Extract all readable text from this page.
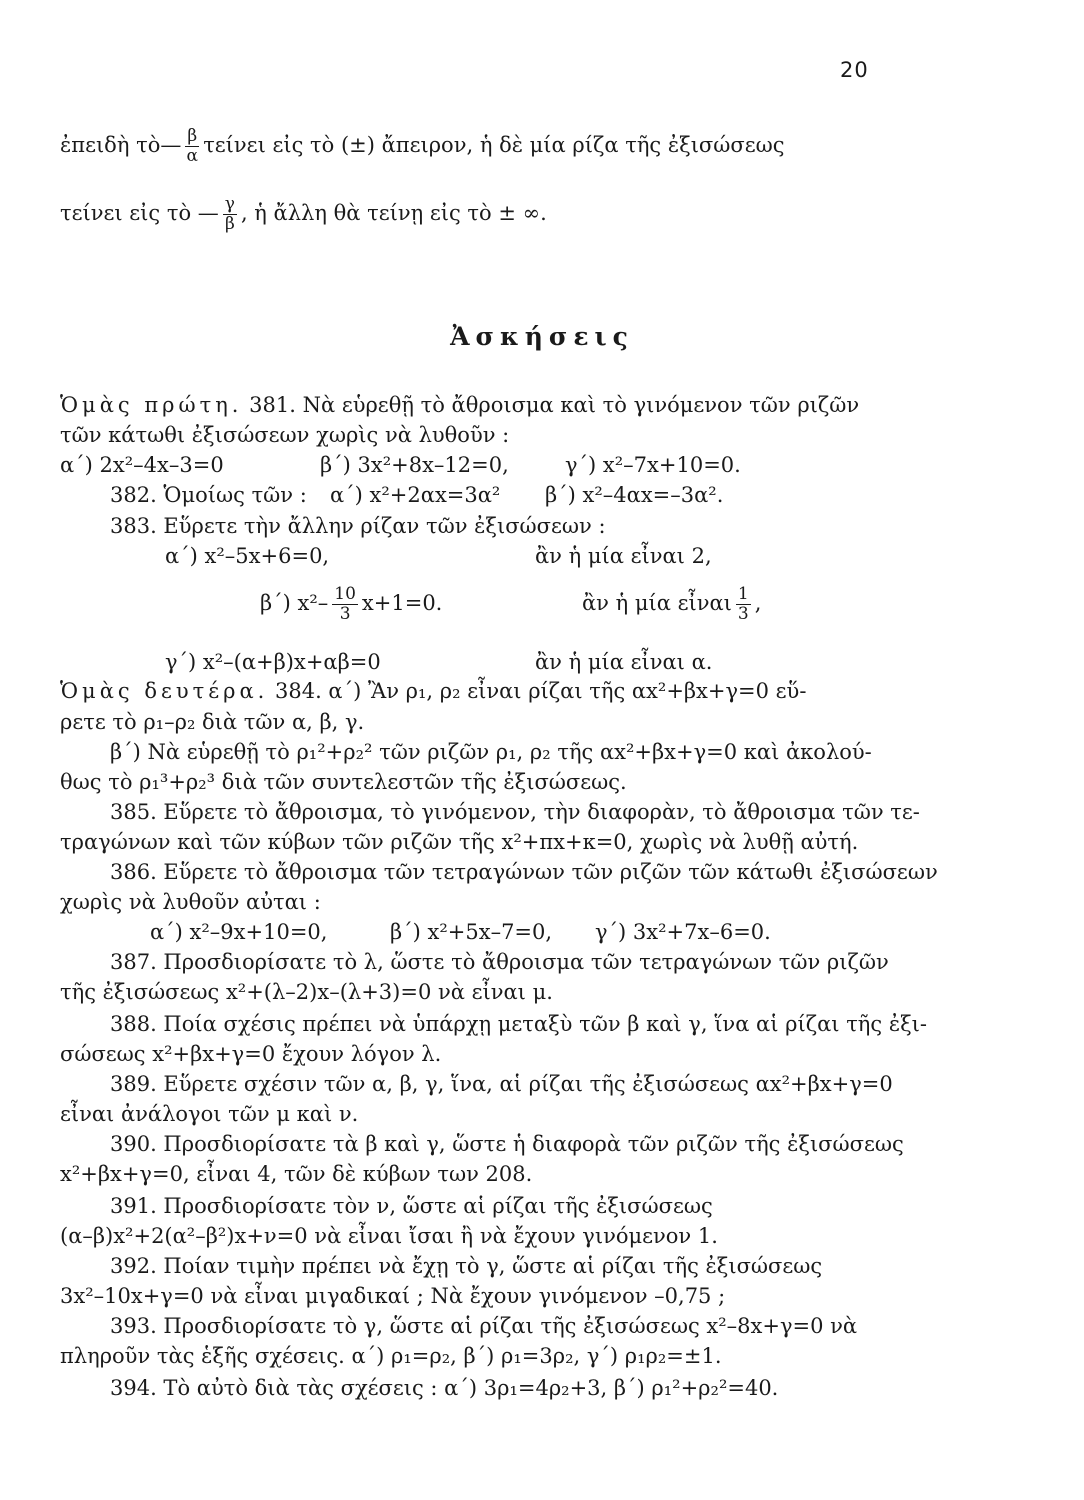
20
ἐπειδὴ τὸ— $\frac{\beta}{\alpha}$ τείνει εἰς τὸ (±) ἄπειρον, ἡ δὲ μία ρίζα τῆς ἐξισώσεως
τείνει εἰς τὸ — $\frac{\gamma}{\beta}$ , ἡ ἄλλη θὰ τείνῃ εἰς τὸ ± ∞.
Ἀσκήσεις
Ὁμὰς πρώτη. 381. Νὰ εὑρεθῇ τὸ ἄθροισμα καὶ τὸ γινόμενον τῶν ριζῶν
τῶν κάτωθι ἐξισώσεων χωρὶς νὰ λυθοῦν :
α΄) 2x²–4x–3=0	β΄) 3x²+8x–12=0,	γ΄) x²–7x+10=0.
382. Ὁμοίως τῶν : α΄) x²+2αx=3α² β΄) x²–4αx=–3α².
383. Εὕρετε τὴν ἄλλην ρίζαν τῶν ἐξισώσεων :
α΄) x²–5x+6=0,	ἂν ἡ μία εἶναι 2,
β΄) $x^2- \frac{10}{3} x+1=0$.	ἂν ἡ μία εἶναι $\frac{1}{3}$ ,
γ΄) x²–(α+β)x+αβ=0	ἂν ἡ μία εἶναι α.
Ὁμὰς δευτέρα. 384. α΄) Ἂν ρ₁, ρ₂ εἶναι ρίζαι τῆς αx²+βx+γ=0 εὕ-
ρετε τὸ ρ₁–ρ₂ διὰ τῶν α, β, γ.
β΄) Νὰ εὑρεθῇ τὸ ρ₁²+ρ₂² τῶν ριζῶν ρ₁, ρ₂ τῆς αx²+βx+γ=0 καὶ ἀκολού-
θως τὸ ρ₁³+ρ₂³ διὰ τῶν συντελεστῶν τῆς ἐξισώσεως.
385. Εὕρετε τὸ ἄθροισμα, τὸ γινόμενον, τὴν διαφορὰν, τὸ ἄθροισμα τῶν τε-
τραγώνων καὶ τῶν κύβων τῶν ριζῶν τῆς x²+πx+κ=0, χωρὶς νὰ λυθῇ αὐτή.
386. Εὕρετε τὸ ἄθροισμα τῶν τετραγώνων τῶν ριζῶν τῶν κάτωθι ἐξισώσεων
χωρὶς νὰ λυθοῦν αὐται :
α΄) x²–9x+10=0,	β΄) x²+5x–7=0, γ΄) 3x²+7x–6=0.
387. Προσδιορίσατε τὸ λ, ὥστε τὸ ἄθροισμα τῶν τετραγώνων τῶν ριζῶν
τῆς ἐξισώσεως x²+(λ–2)x–(λ+3)=0 νὰ εἶναι μ.
388. Ποία σχέσις πρέπει νὰ ὑπάρχῃ μεταξὺ τῶν β καὶ γ, ἵνα αἱ ρίζαι τῆς ἐξι-
σώσεως x²+βx+γ=0 ἔχουν λόγον λ.
389. Εὕρετε σχέσιν τῶν α, β, γ, ἵνα, αἱ ρίζαι τῆς ἐξισώσεως αx²+βx+γ=0
εἶναι ἀνάλογοι τῶν μ καὶ ν.
390. Προσδιορίσατε τὰ β καὶ γ, ὥστε ἡ διαφορὰ τῶν ριζῶν τῆς ἐξισώσεως
x²+βx+γ=0, εἶναι 4, τῶν δὲ κύβων των 208.
391. Προσδιορίσατε τὸν ν, ὥστε αἱ ρίζαι τῆς ἐξισώσεως
(α–β)x²+2(α²–β²)x+ν=0 νὰ εἶναι ἴσαι ἢ νὰ ἔχουν γινόμενον 1.
392. Ποίαν τιμὴν πρέπει νὰ ἔχῃ τὸ γ, ὥστε αἱ ρίζαι τῆς ἐξισώσεως
3x²–10x+γ=0 νὰ εἶναι μιγαδικαί ; Νὰ ἔχουν γινόμενον –0,75 ;
393. Προσδιορίσατε τὸ γ, ὥστε αἱ ρίζαι τῆς ἐξισώσεως x²–8x+γ=0 νὰ
πληροῦν τὰς ἑξῆς σχέσεις. α΄) ρ₁=ρ₂, β΄) ρ₁=3ρ₂, γ΄) ρ₁ρ₂=±1.
394. Τὸ αὐτὸ διὰ τὰς σχέσεις : α΄) 3ρ₁=4ρ₂+3, β΄) ρ₁²+ρ₂²=40.
